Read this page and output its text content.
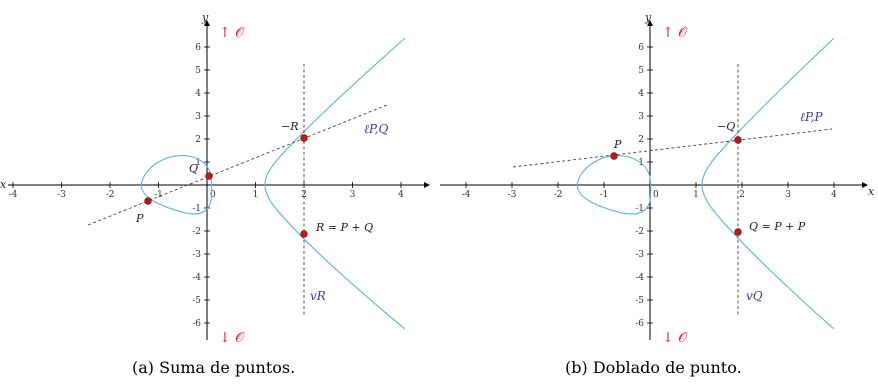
x
y
-4	-3	-2	-1	0	1	2	3	4
6
5
4
3
2
1
-1
-2
-3
-4
-5
-6
↑ 𝒪
↓ 𝒪
P
Q
−R
R = P + Q
ℓP,Q
vR
x
y
-4	-3	-2	-1	0	1	2	3	4
6
5
4
3
2
1
-1
-2
-3
-4
-5
-6
↑ 𝒪
↓ 𝒪
P
−Q
Q = P + P
ℓP,P
vQ
(a) Suma de puntos.	(b) Doblado de punto.
